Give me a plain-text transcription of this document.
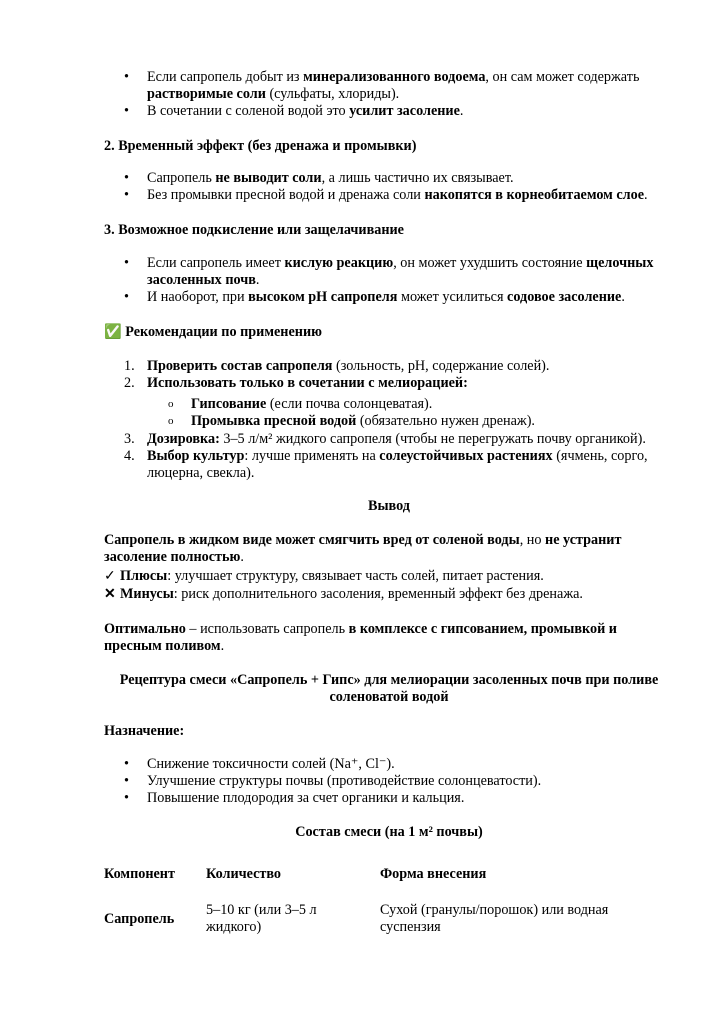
• Если сапропель добыт из минерализованного водоема, он сам может содержать растворимые соли (сульфаты, хлориды).
• В сочетании с соленой водой это усилит засоление.
2. Временный эффект (без дренажа и промывки)
• Сапропель не выводит соли, а лишь частично их связывает.
• Без промывки пресной водой и дренажа соли накопятся в корнеобитаемом слое.
3. Возможное подкисление или защелачивание
• Если сапропель имеет кислую реакцию, он может ухудшить состояние щелочных засоленных почв.
• И наоборот, при высоком pH сапропеля может усилиться содовое засоление.
✅ Рекомендации по применению
1. Проверить состав сапропеля (зольность, pH, содержание солей).
2. Использовать только в сочетании с мелиорацией:
o Гипсование (если почва солонцеватая).
o Промывка пресной водой (обязательно нужен дренаж).
3. Дозировка: 3–5 л/м² жидкого сапропеля (чтобы не перегружать почву органикой).
4. Выбор культур: лучше применять на солеустойчивых растениях (ячмень, сорго, люцерна, свекла).
Вывод

Сапропель в жидком виде может смягчить вред от соленой воды, но не устранит засоление полностью.

✓ Плюсы: улучшает структуру, связывает часть солей, питает растения.

✕ Минусы: риск дополнительного засоления, временный эффект без дренажа.

Оптимально – использовать сапропель в комплексе с гипсованием, промывкой и пресным поливом.

Рецептура смеси «Сапропель + Гипс» для мелиорации засоленных почв при поливе соленоватой водой
Назначение:
• Снижение токсичности солей (Na⁺, Cl⁻).
• Улучшение структуры почвы (противодействие солонцеватости).
• Повышение плодородия за счет органики и кальция.
Состав смеси (на 1 м² почвы)
Компонент	Количество	Форма внесения
Сапропель	5–10 кг (или 3–5 л жидкого)	Сухой (гранулы/порошок) или водная суспензия
